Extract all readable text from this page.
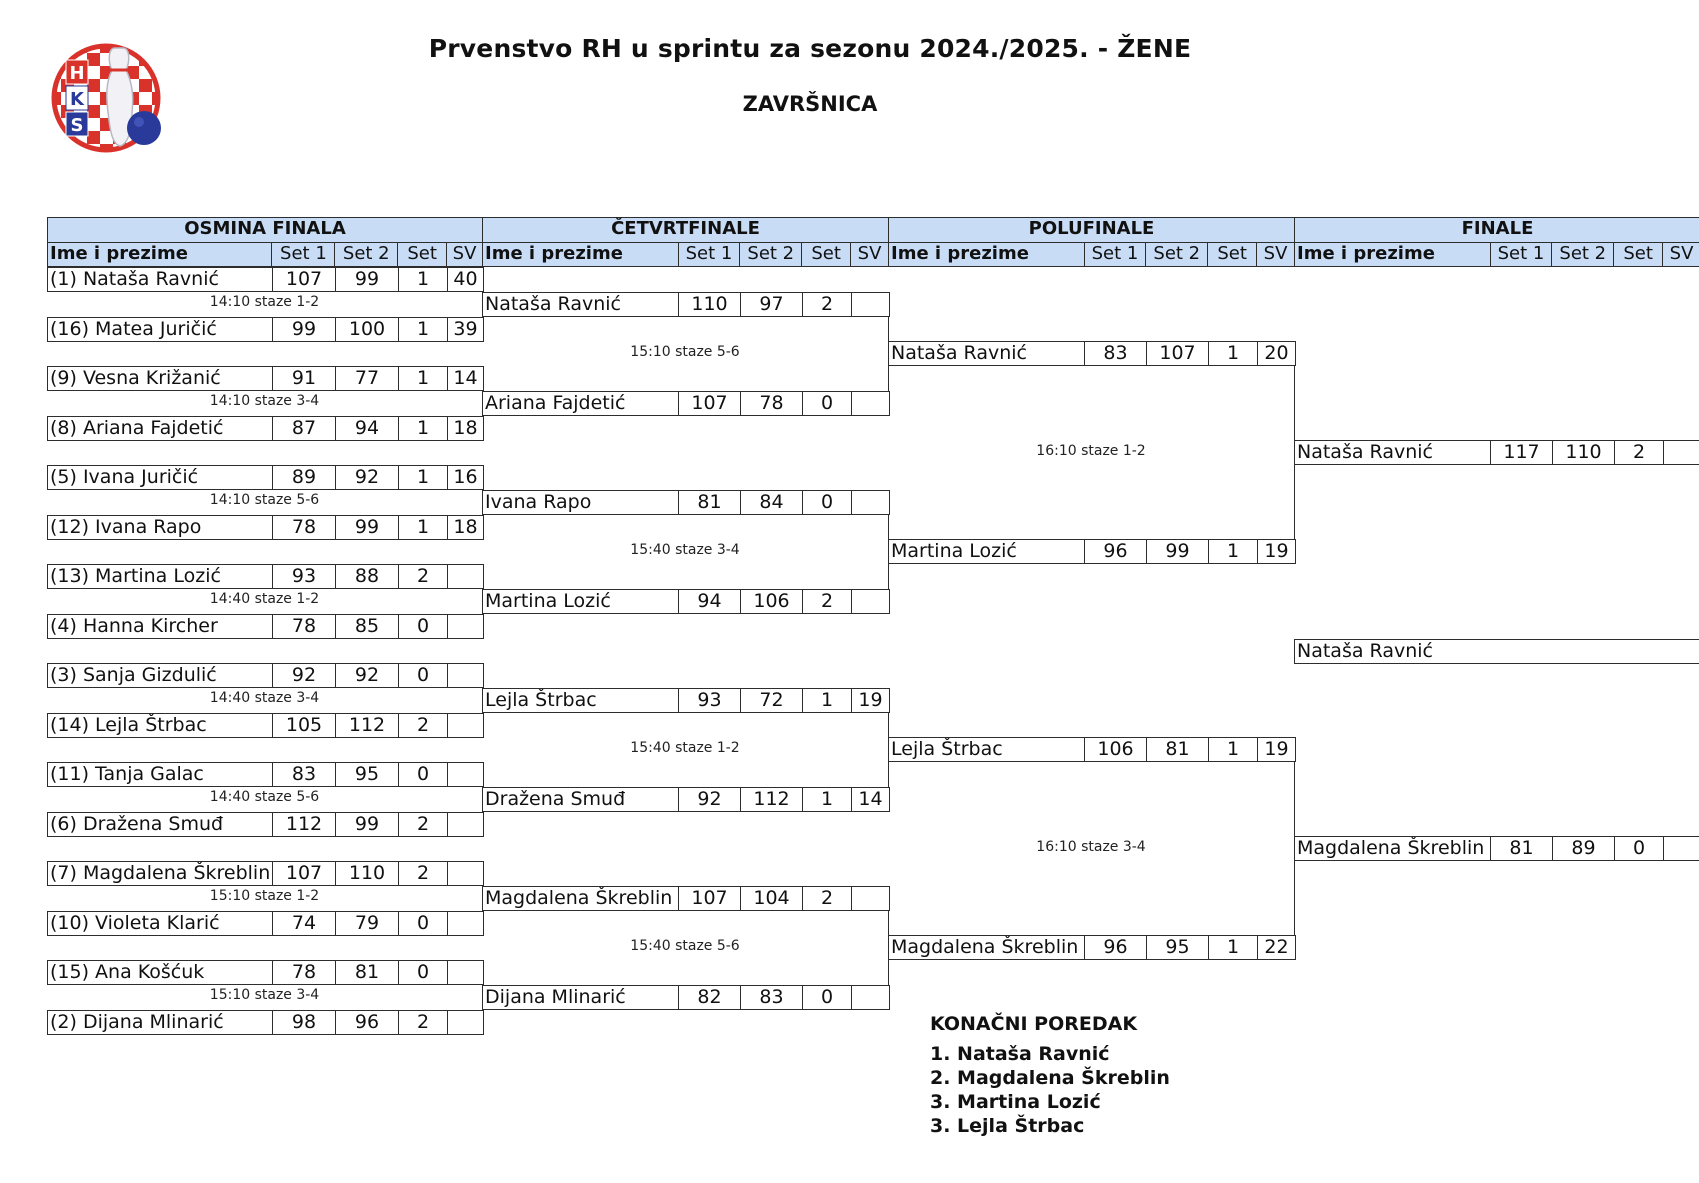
H
K
S
Prvenstvo RH u sprintu za sezonu 2024./2025. - ŽENE
ZAVRŠNICA
OSMINA FINALA
Ime i prezime	Set 1 Set 2 Set SV
(1) Nataša Ravnić	107	99	1	40
(16) Matea Juričić	99	100	1	39
(9) Vesna Križanić	91	77	1	14
(8) Ariana Fajdetić	87	94	1	18
(5) Ivana Juričić	89	92	1	16
(12) Ivana Rapo	78	99	1	18
(13) Martina Lozić	93	88	2
(4) Hanna Kircher	78	85	0
(3) Sanja Gizdulić	92	92	0
(14) Lejla Štrbac	105	112	2
(11) Tanja Galac	83	95	0
(6) Dražena Smuđ	112	99	2
(7) Magdalena Škreblin 107	110	2
(10) Violeta Klarić	74	79	0
(15) Ana Košćuk	78	81	0
(2) Dijana Mlinarić	98	96	2
14:10 staze 1-2
14:10 staze 3-4
14:10 staze 5-6
14:40 staze 1-2
14:40 staze 3-4
14:40 staze 5-6
15:10 staze 1-2
15:10 staze 3-4
ČETVRTFINALE
Ime i prezime	Set 1 Set 2 Set SV
Nataša Ravnić	110	97	2
Ariana Fajdetić	107	78	0
Ivana Rapo	81	84	0
Martina Lozić	94	106	2
Lejla Štrbac	93	72	1	19
Dražena Smuđ	92	112	1	14
Magdalena Škreblin	107	104	2
Dijana Mlinarić	82	83	0
15:10 staze 5-6
15:40 staze 3-4
15:40 staze 1-2
15:40 staze 5-6
POLUFINALE
Ime i prezime	Set 1 Set 2 Set SV
Nataša Ravnić	83	107	1	20
Martina Lozić	96	99	1	19
Lejla Štrbac	106	81	1	19
Magdalena Škreblin	96	95	1	22
16:10 staze 1-2
16:10 staze 3-4
FINALE
Ime i prezime	Set 1 Set 2 Set SV
Nataša Ravnić	117	110	2
Magdalena Škreblin	81	89	0
Nataša Ravnić
KONAČNI POREDAK
1. Nataša Ravnić
2. Magdalena Škreblin
3. Martina Lozić
3. Lejla Štrbac
